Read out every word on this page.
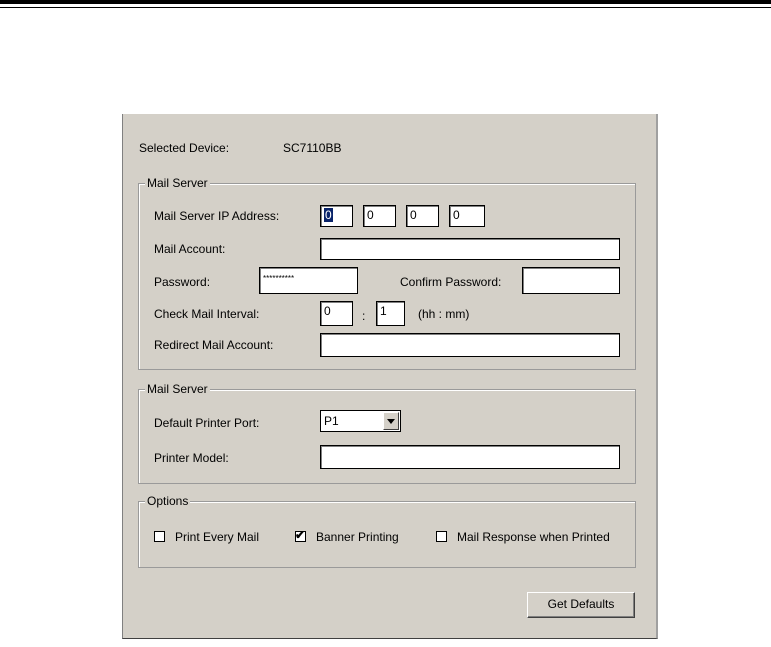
Selected Device:	SC7110BB
Mail Server
Mail Server IP Address:	0	0	0	0
Mail Account:
Password:	**********	Confirm Password:
Check Mail Interval:	0	:	1	(hh : mm)
Redirect Mail Account:
Mail Server
Default Printer Port:	P1
Printer Model:
Options
Print Every Mail	✔ Banner Printing	Mail Response when Printed
Get Defaults
